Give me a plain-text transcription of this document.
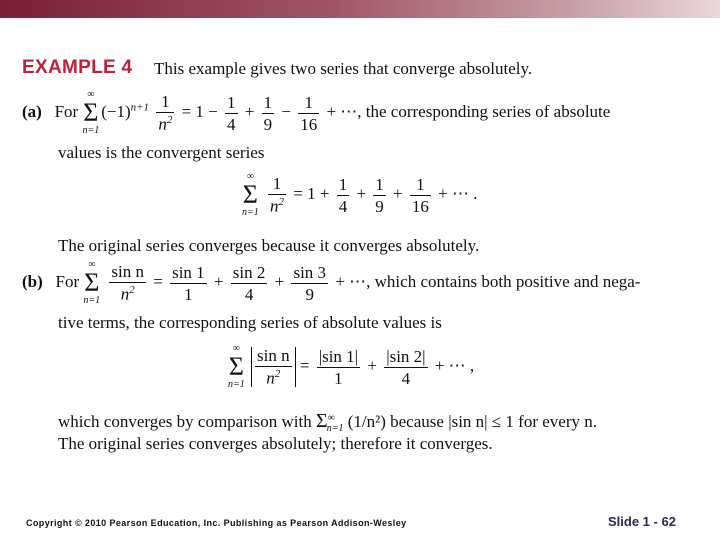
EXAMPLE 4 This example gives two series that converge absolutely.
(a) For
∞
Σ
n=1
$(-1)^{n+1} \frac{1}{n^2} = 1 - \frac{1}{4} + \frac{1}{9} - \frac{1}{16}$ + ⋯, the corresponding series of absolute
values is the convergent series
∞
Σ
n=1
$\frac{1}{n^2} = 1 + \frac{1}{4} + \frac{1}{9} + \frac{1}{16}$ + ⋯ .
The original series converges because it converges absolutely.
(b) For
∞
Σ
n=1
$\frac{\text{sin n}}{n^2} = \frac{\sin 1}{1} + \frac{\sin 2}{4} + \frac{\sin 3}{9}$ + ⋯, which contains both positive and nega-
tive terms, the corresponding series of absolute values is
∞
Σ
n=1
$\frac{\text{sin n}}{n^2} = \frac{|\sin 1|}{1} + \frac{|\sin 2|}{4}$ + ⋯ ,
which converges by comparison with $\Sigma^\infty_{n=1}$ (1/n²) because |sin n| ≤ 1 for every n.
The original series converges absolutely; therefore it converges.
Copyright © 2010 Pearson Education, Inc. Publishing as Pearson Addison-Wesley	Slide 1 - 62
